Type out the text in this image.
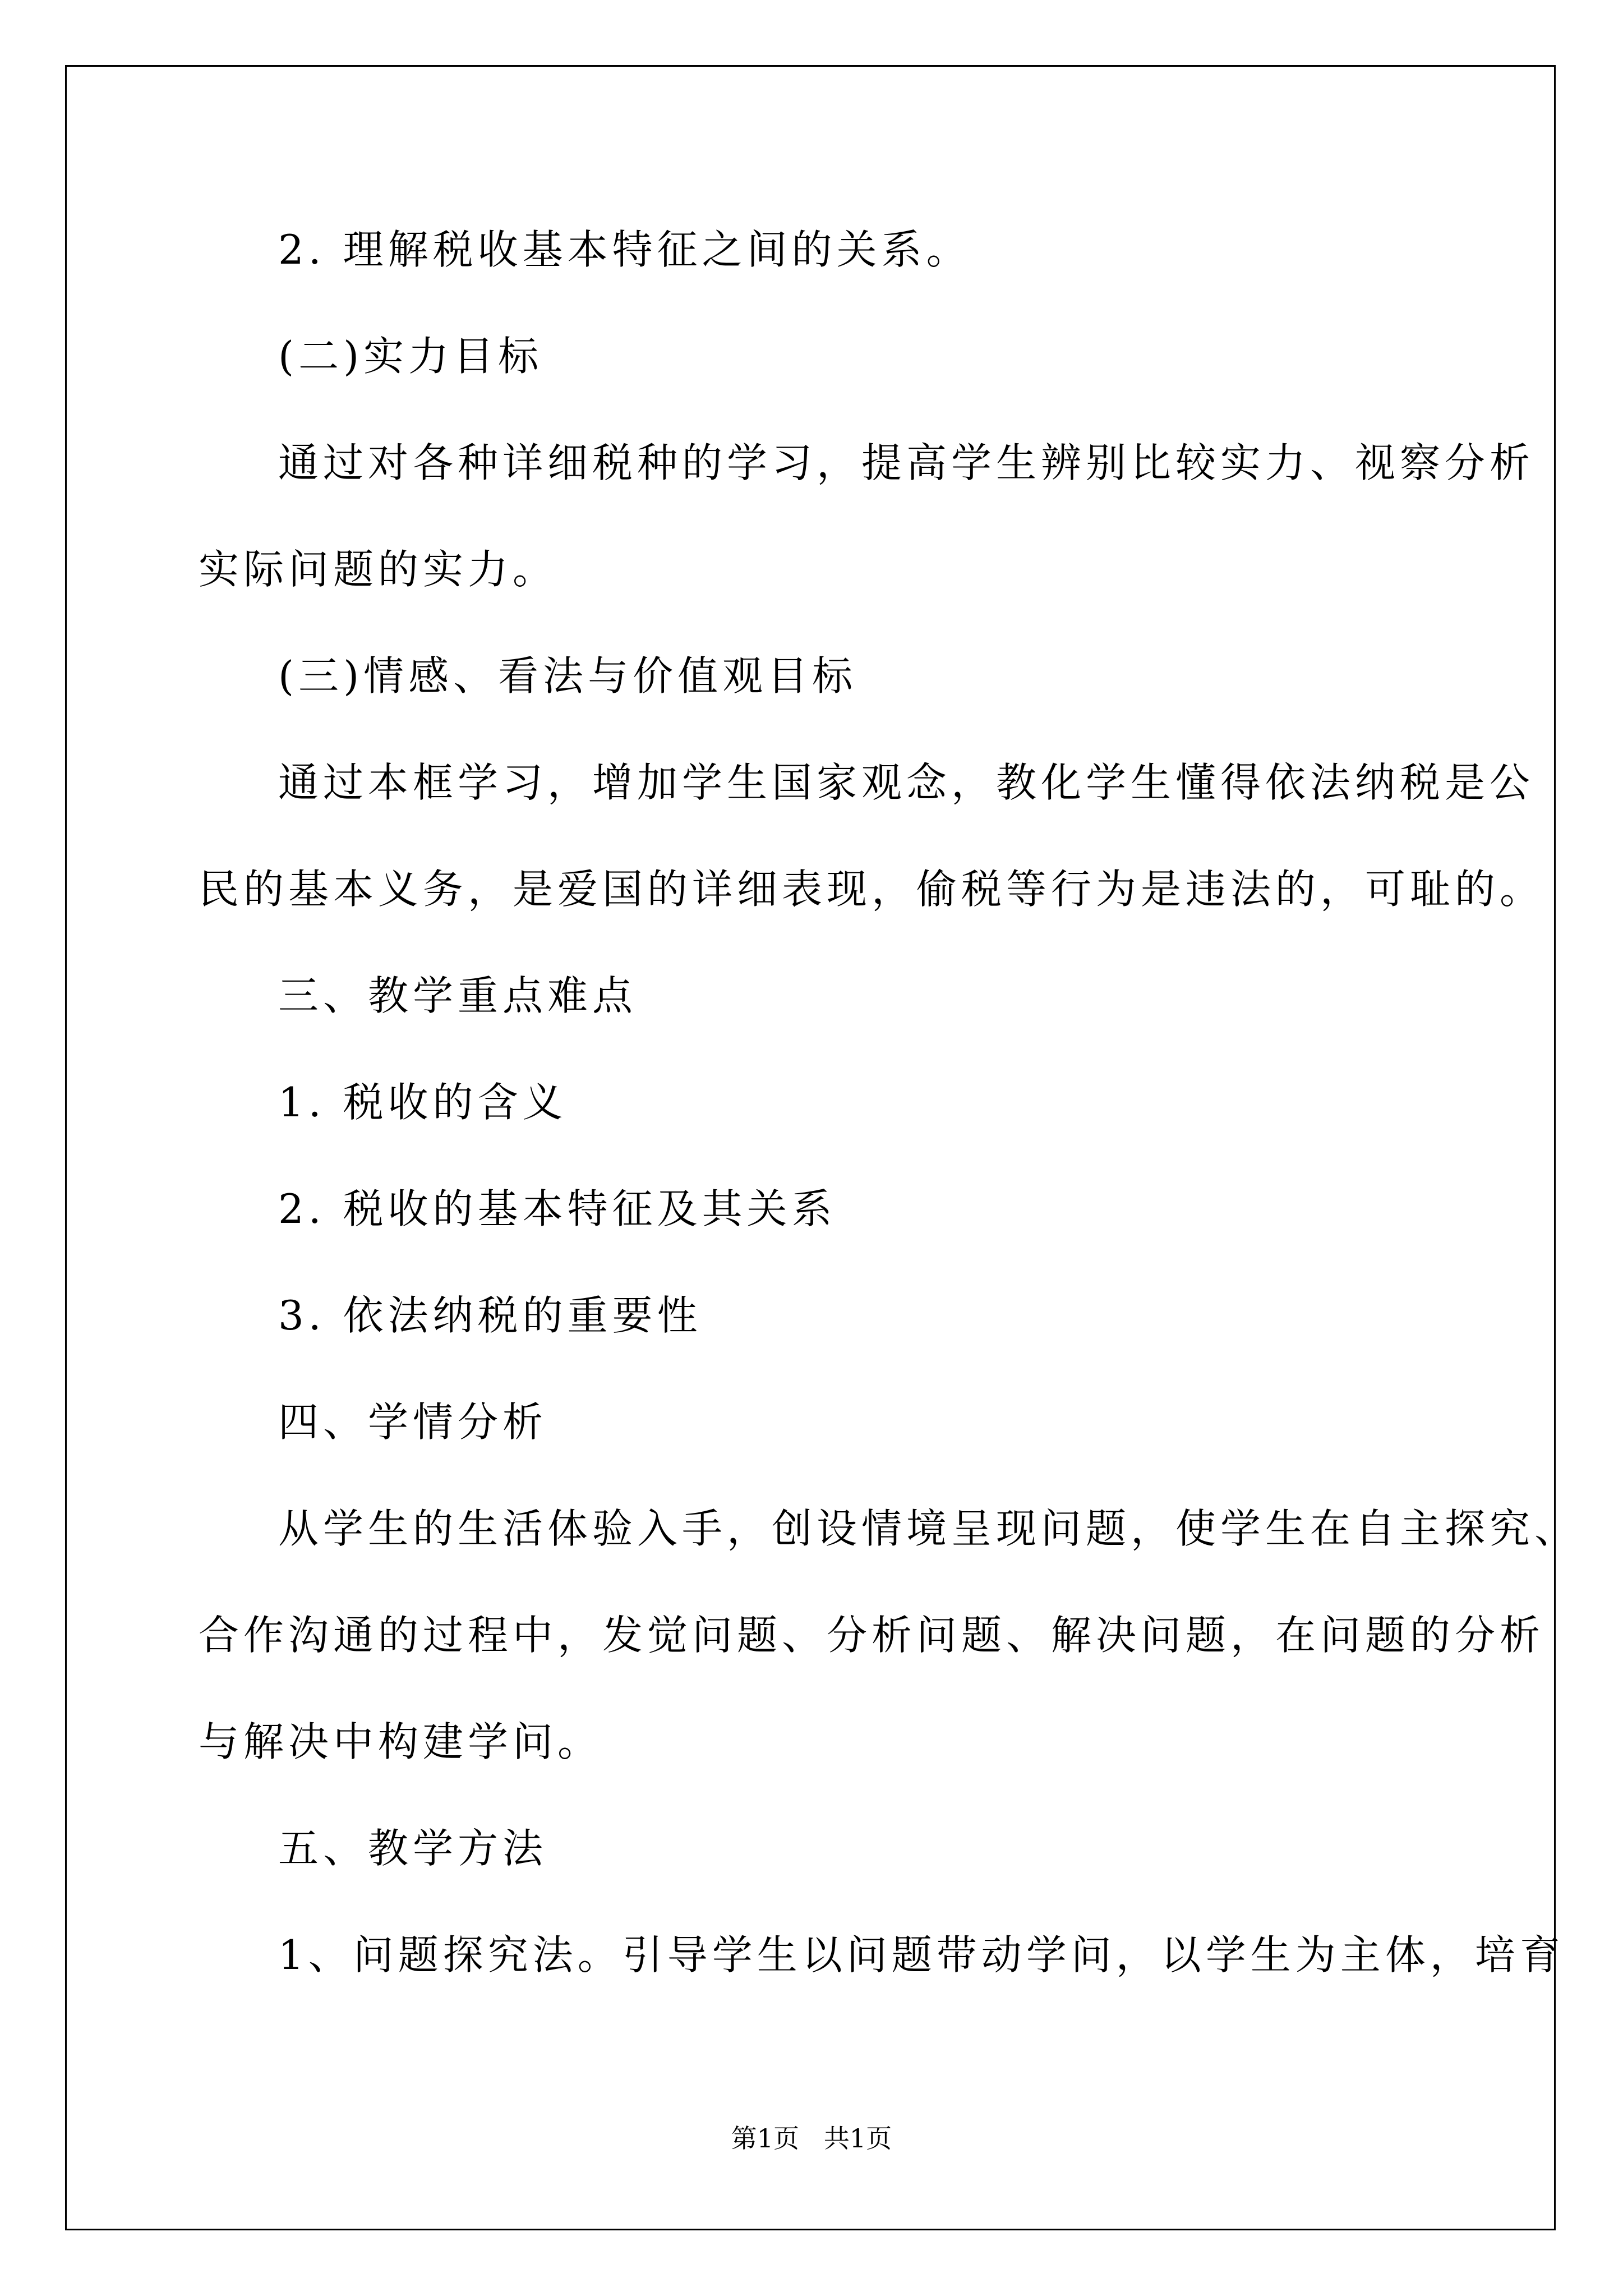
2. 理解税收基本特征之间的关系。
(二)实力目标
通过对各种详细税种的学习，提高学生辨别比较实力、视察分析
实际问题的实力。
(三)情感、看法与价值观目标
通过本框学习，增加学生国家观念，教化学生懂得依法纳税是公
民的基本义务，是爱国的详细表现，偷税等行为是违法的，可耻的。
三、教学重点难点
1. 税收的含义
2. 税收的基本特征及其关系
3. 依法纳税的重要性
四、学情分析
从学生的生活体验入手，创设情境呈现问题，使学生在自主探究、
合作沟通的过程中，发觉问题、分析问题、解决问题，在问题的分析
与解决中构建学问。
五、教学方法
1、问题探究法。引导学生以问题带动学问，以学生为主体，培育
第1页   共1页
